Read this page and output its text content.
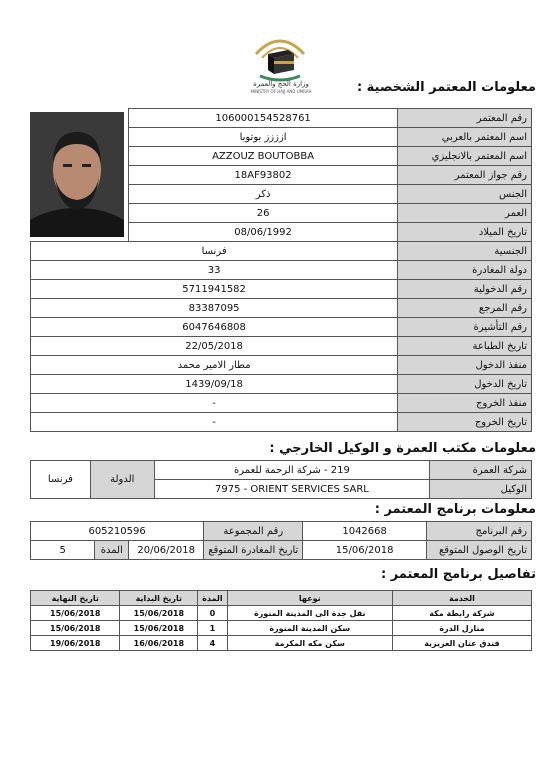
وزارة الحج والعمرة
MINISTRY OF HAJJ AND UMRAH	معلومات المعتمر الشخصية :
106000154528761	رقم المعتمر
ازززز بوتوبا	اسم المعتمر بالعربي
AZZOUZ BOUTOBBA	اسم المعتمر بالانجليزي
18AF93802	رقم جواز المعتمر
ذكر	الجنس
26	العمر
08/06/1992	تاريخ الميلاد
معلومات مكتب العمرة و الوكيل الخارجي :
فرنسا	الدولة	219 - شركة الرحمة للعمرة	شركة العمرة
		7975 - ORIENT SERVICES SARL	الوكيل
معلومات برنامج المعتمر :
605210596			رقم المجموعة	1042668	رقم البرنامج
5	المدة	20/06/2018	تاريخ المغادرة المتوقع	15/06/2018	تاريخ الوصول المتوقع
تفاصيل برنامج المعتمر :
تاريخ النهاية	تاريخ البداية	المدة	نوعها	الخدمة
15/06/2018	15/06/2018	0	نقل جدة الى المدينة المنورة	شركة رابطة مكة
15/06/2018	15/06/2018	1	سكن المدينة المنورة	منازل الدرة
19/06/2018	16/06/2018	4	سكن مكه المكرمة	فندق عنان العزيزية
فرنسا	الجنسية
33	دولة المغادرة
5711941582	رقم الدخولية
83387095	رقم المرجع
6047646808	رقم التأشيرة
22/05/2018	تاريخ الطباعة
مطار الامير محمد	منفذ الدخول
1439/09/18	تاريخ الدخول
-	منفذ الخروج
-	تاريخ الخروج
